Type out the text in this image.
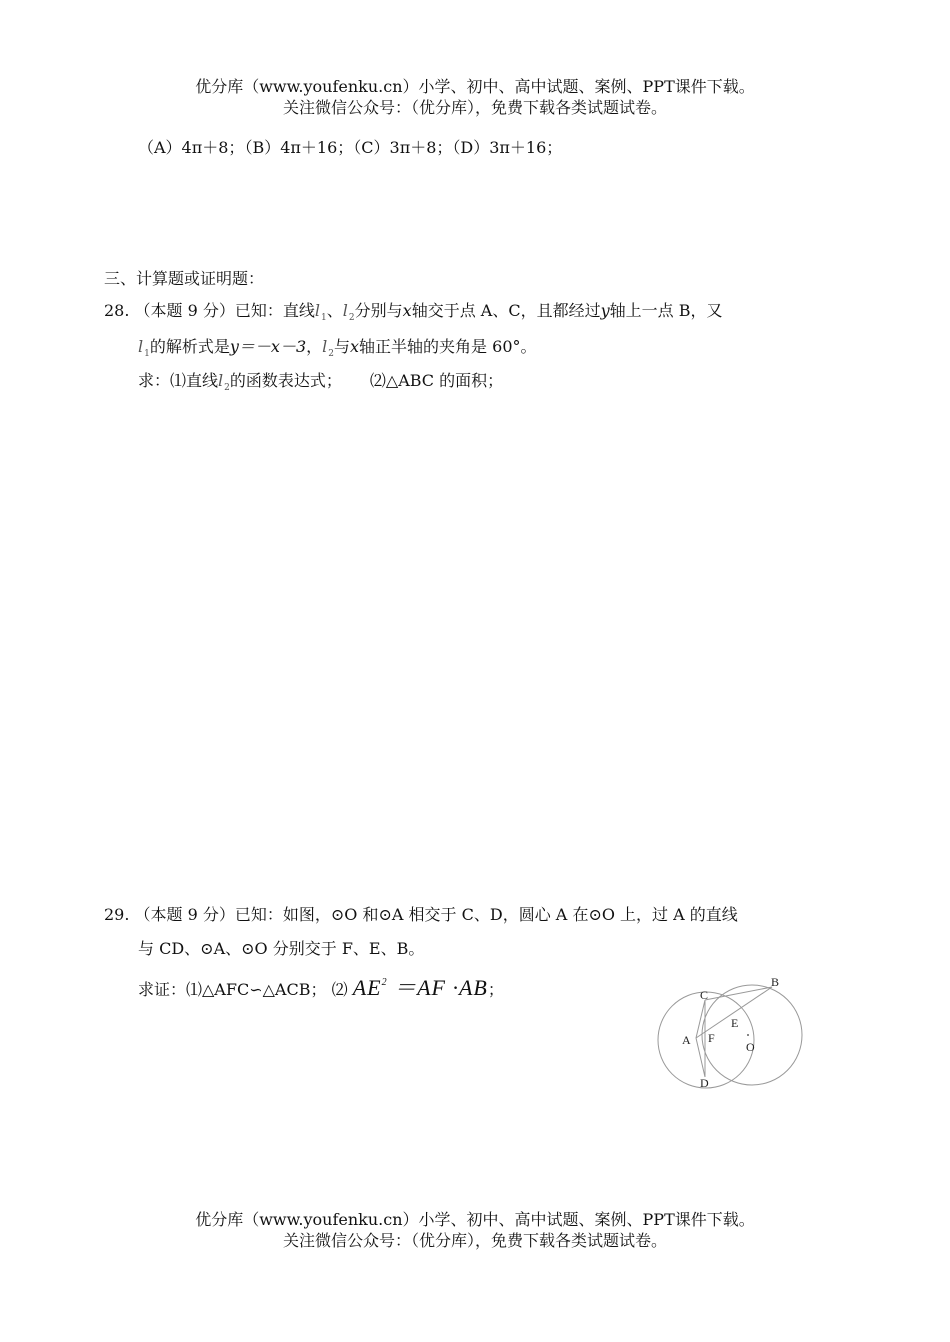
优分库（www.youfenku.cn）小学、初中、高中试题、案例、PPT课件下载。
关注微信公众号：（优分库），免费下载各类试题试卷。
（A）4π＋8；（B）4π＋16；（C）3π＋8；（D）3π＋16；
三、计算题或证明题：
28. （本题 9 分）已知：直线$l_1$、$l_2$分别与x轴交于点 A、C，且都经过y轴上一点 B，又
$l_1$的解析式是y＝－x－3，$l_2$与x轴正半轴的夹角是 60°。
求：⑴直线$l_2$的函数表达式； ⑵△ABC 的面积；
29. （本题 9 分）已知：如图，⊙O 和⊙A 相交于 C、D，圆心 A 在⊙O 上，过 A 的直线
与 CD、⊙A、⊙O 分别交于 F、E、B。
求证：⑴△AFC∽△ACB； ⑵ $AE^2 =AF \cdot AB$；	C
B
E
A F
O
D
优分库（www.youfenku.cn）小学、初中、高中试题、案例、PPT课件下载。
关注微信公众号：（优分库），免费下载各类试题试卷。
